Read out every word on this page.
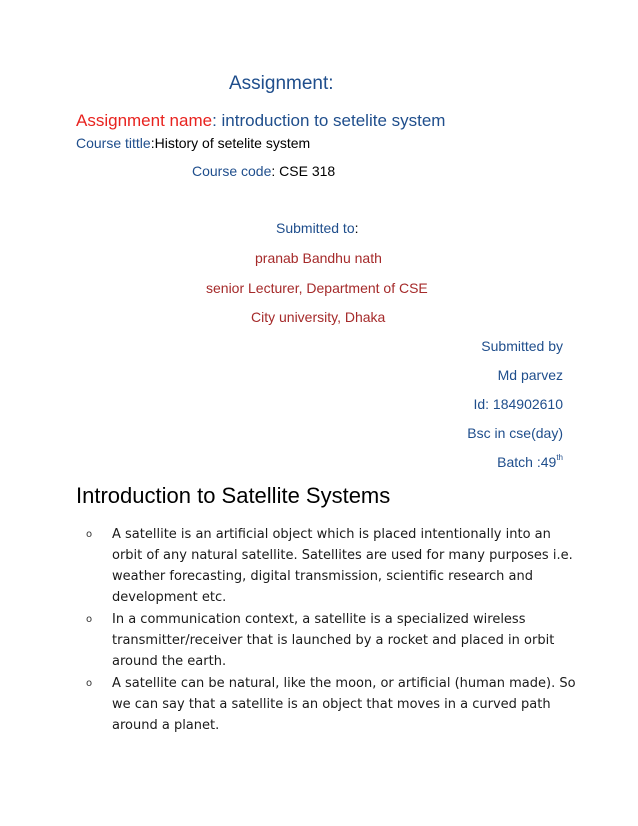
Assignment:
Assignment name: introduction to setelite system
Course tittle:History of setelite system
Course code: CSE 318
Submitted to:
pranab Bandhu nath
senior Lecturer, Department of CSE
City university, Dhaka
Submitted by
Md parvez
Id: 184902610
Bsc in cse(day)
Batch :49th
Introduction to Satellite Systems
o A satellite is an artificial object which is placed intentionally into an orbit of any natural satellite. Satellites are used for many purposes i.e. weather forecasting, digital transmission, scientific research and development etc.
o In a communication context, a satellite is a specialized wireless transmitter/receiver that is launched by a rocket and placed in orbit around the earth.
o A satellite can be natural, like the moon, or artificial (human made). So we can say that a satellite is an object that moves in a curved path around a planet.
